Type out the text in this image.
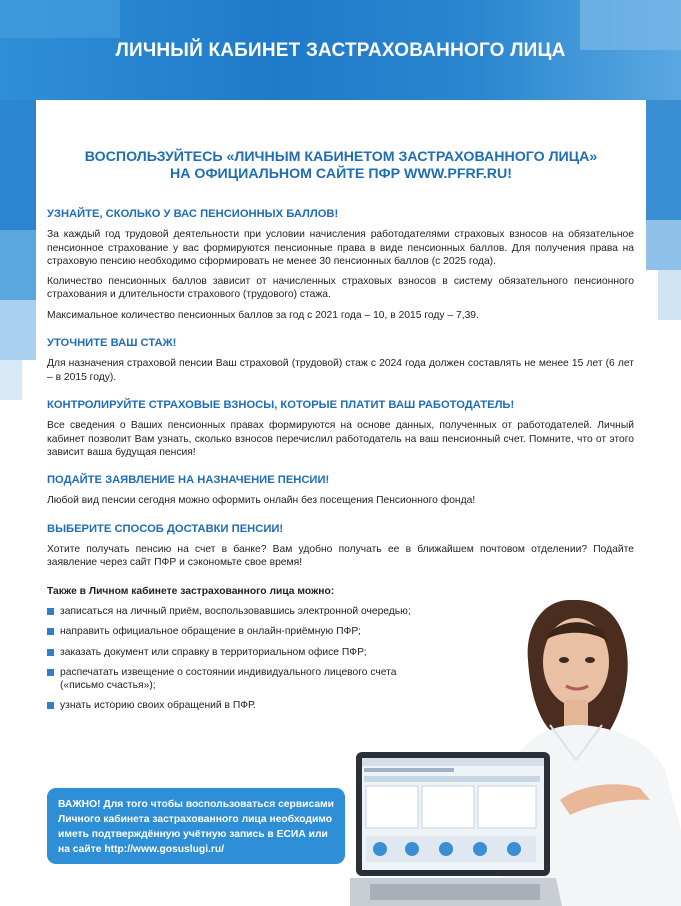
ЛИЧНЫЙ КАБИНЕТ ЗАСТРАХОВАННОГО ЛИЦА
ВОСПОЛЬЗУЙТЕСЬ «ЛИЧНЫМ КАБИНЕТОМ ЗАСТРАХОВАННОГО ЛИЦА»
НА ОФИЦИАЛЬНОМ САЙТЕ ПФР WWW.PFRF.RU!
УЗНАЙТЕ, СКОЛЬКО У ВАС ПЕНСИОННЫХ БАЛЛОВ!

За каждый год трудовой деятельности при условии начисления работодателями страховых взносов на обязательное пенсионное страхование у вас формируются пенсионные права в виде пенсионных баллов. Для получения права на страховую пенсию необходимо сформировать не менее 30 пенсионных баллов (с 2025 года).

Количество пенсионных баллов зависит от начисленных страховых взносов в систему обязательного пенсионного страхования и длительности страхового (трудового) стажа.

Максимальное количество пенсионных баллов за год с 2021 года – 10, в 2015 году – 7,39.

УТОЧНИТЕ ВАШ СТАЖ!

Для назначения страховой пенсии Ваш страховой (трудовой) стаж с 2024 года должен составлять не менее 15 лет (6 лет – в 2015 году).

КОНТРОЛИРУЙТЕ СТРАХОВЫЕ ВЗНОСЫ, КОТОРЫЕ ПЛАТИТ ВАШ РАБОТОДАТЕЛЬ!

Все сведения о Ваших пенсионных правах формируются на основе данных, полученных от работодателей. Личный кабинет позволит Вам узнать, сколько взносов перечислил работодатель на ваш пенсионный счет. Помните, что от этого зависит ваша будущая пенсия!

ПОДАЙТЕ ЗАЯВЛЕНИЕ НА НАЗНАЧЕНИЕ ПЕНСИИ!

Любой вид пенсии сегодня можно оформить онлайн без посещения Пенсионного фонда!

ВЫБЕРИТЕ СПОСОБ ДОСТАВКИ ПЕНСИИ!

Хотите получать пенсию на счет в банке? Вам удобно получать ее в ближайшем почтовом отделении? Подайте заявление через сайт ПФР и сэкономьте свое время!

Также в Личном кабинете застрахованного лица можно:

записаться на личный приём, воспользовавшись электронной очередью;
направить официальное обращение в онлайн-приёмную ПФР;
заказать документ или справку в территориальном офисе ПФР;
распечатать извещение о состоянии индивидуального лицевого счета («письмо счастья»);
узнать историю своих обращений в ПФР.
ВАЖНО! Для того чтобы воспользоваться сервисами Личного кабинета застрахованного лица необходимо иметь подтверждённую учётную запись в ЕСИА или на сайте http://www.gosuslugi.ru/
